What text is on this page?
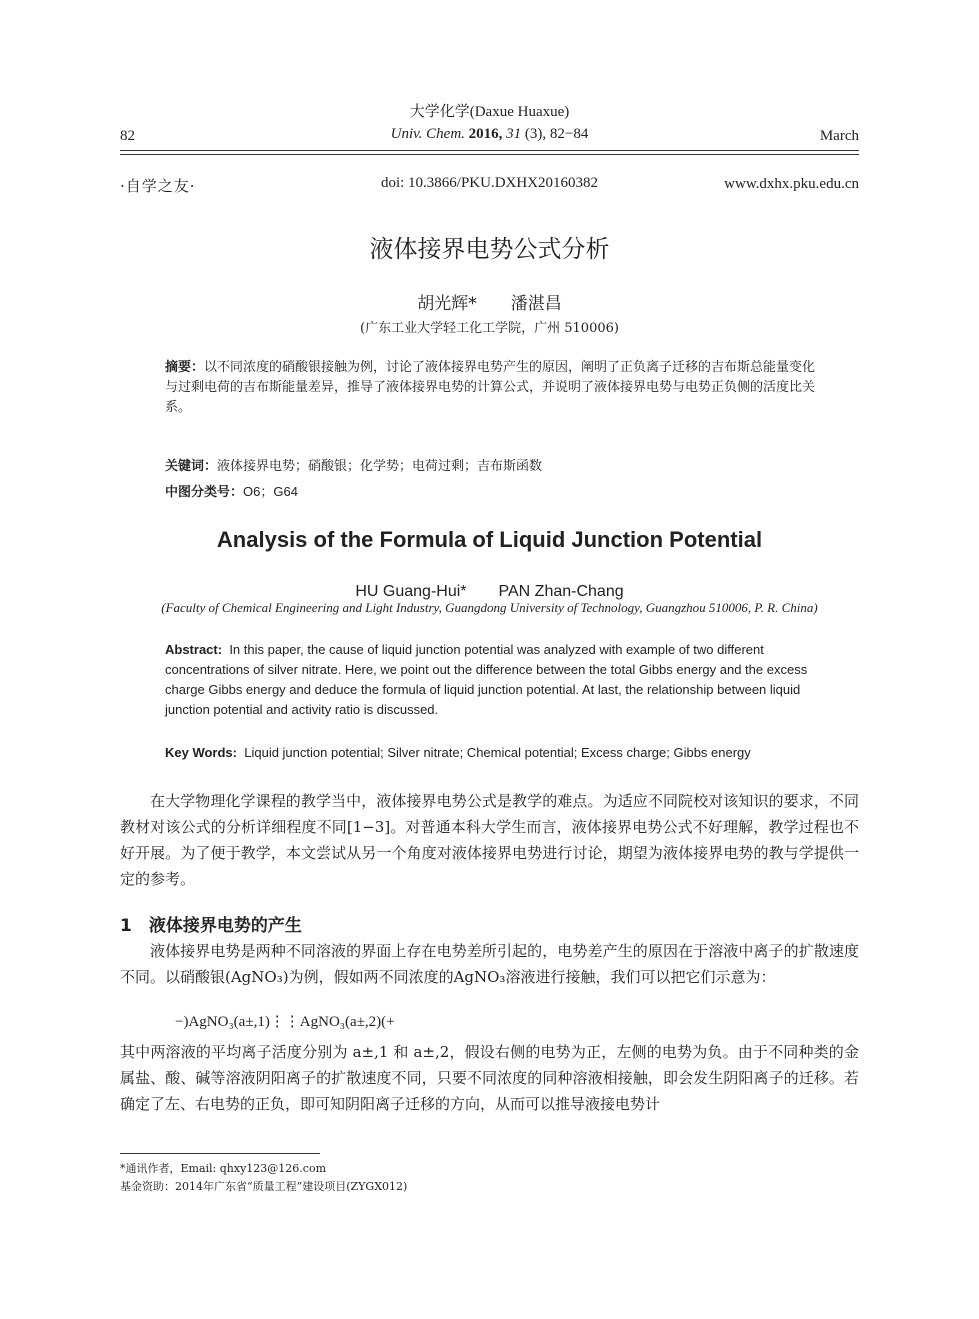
大学化学(Daxue Huaxue)
82	Univ. Chem. 2016, 31 (3), 82−84	March
·自学之友·	doi: 10.3866/PKU.DXHX20160382	www.dxhx.pku.edu.cn
液体接界电势公式分析
胡光辉*　　潘湛昌
(广东工业大学轻工化工学院，广州 510006)
摘要：以不同浓度的硝酸银接触为例，讨论了液体接界电势产生的原因，阐明了正负离子迁移的吉布斯总能量变化与过剩电荷的吉布斯能量差异，推导了液体接界电势的计算公式，并说明了液体接界电势与电势正负侧的活度比关系。
关键词：液体接界电势；硝酸银；化学势；电荷过剩；吉布斯函数
中图分类号：O6；G64
Analysis of the Formula of Liquid Junction Potential
HU Guang-Hui*　　PAN Zhan-Chang
(Faculty of Chemical Engineering and Light Industry, Guangdong University of Technology, Guangzhou 510006, P. R. China)
Abstract: In this paper, the cause of liquid junction potential was analyzed with example of two different concentrations of silver nitrate. Here, we point out the difference between the total Gibbs energy and the excess charge Gibbs energy and deduce the formula of liquid junction potential. At last, the relationship between liquid junction potential and activity ratio is discussed.
Key Words: Liquid junction potential; Silver nitrate; Chemical potential; Excess charge; Gibbs energy
在大学物理化学课程的教学当中，液体接界电势公式是教学的难点。为适应不同院校对该知识的要求，不同教材对该公式的分析详细程度不同[1−3]。对普通本科大学生而言，液体接界电势公式不好理解，教学过程也不好开展。为了便于教学，本文尝试从另一个角度对液体接界电势进行讨论，期望为液体接界电势的教与学提供一定的参考。
1　液体接界电势的产生
液体接界电势是两种不同溶液的界面上存在电势差所引起的，电势差产生的原因在于溶液中离子的扩散速度不同。以硝酸银(AgNO₃)为例，假如两不同浓度的AgNO₃溶液进行接触，我们可以把它们示意为：
−)AgNO₃(a±,1)⋮⋮AgNO₃(a±,2)(+
其中两溶液的平均离子活度分别为 a±,1 和 a±,2，假设右侧的电势为正，左侧的电势为负。由于不同种类的金属盐、酸、碱等溶液阴阳离子的扩散速度不同，只要不同浓度的同种溶液相接触，即会发生阴阳离子的迁移。若确定了左、右电势的正负，即可知阴阳离子迁移的方向，从而可以推导液接电势计
*通讯作者，Email: qhxy123@126.com
基金资助：2014年广东省“质量工程”建设项目(ZYGX012)
